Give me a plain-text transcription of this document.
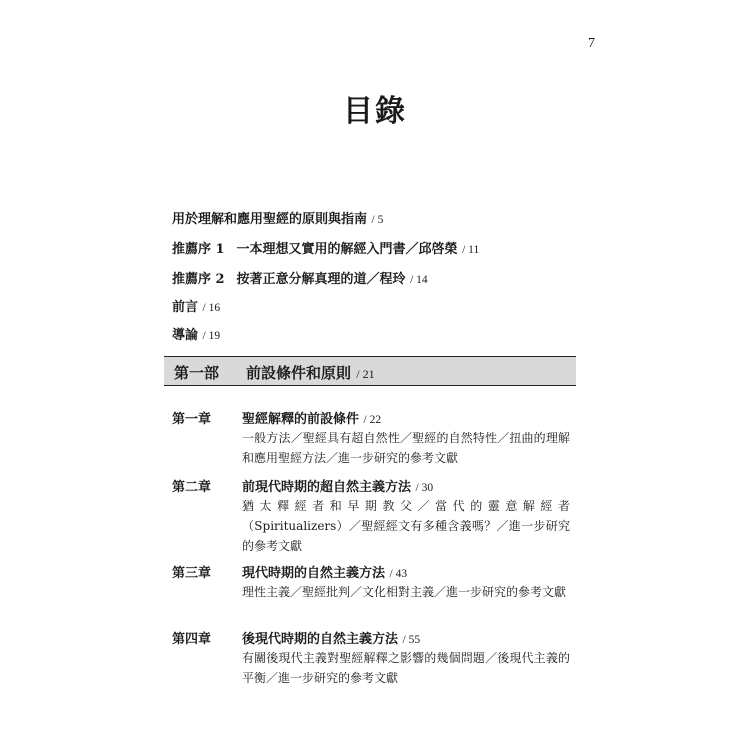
7
目錄
用於理解和應用聖經的原則與指南 / 5
推薦序 1 一本理想又實用的解經入門書／邱啓榮 / 11
推薦序 2 按著正意分解真理的道／程玲 / 14
前言 / 16
導論 / 19
第一部 前設條件和原則 / 21
第一章 聖經解釋的前設條件 / 22
一般方法／聖經具有超自然性／聖經的自然特性／扭曲的理解和應用聖經方法／進一步研究的參考文獻
第二章 前現代時期的超自然主義方法 / 30
猶太釋經者和早期教父／當代的靈意解經者（Spiritualizers）／聖經經文有多種含義嗎？／進一步研究的參考文獻
第三章 現代時期的自然主義方法 / 43
理性主義／聖經批判／文化相對主義／進一步研究的參考文獻
第四章 後現代時期的自然主義方法 / 55
有關後現代主義對聖經解釋之影響的幾個問題／後現代主義的平衡／進一步研究的參考文獻
